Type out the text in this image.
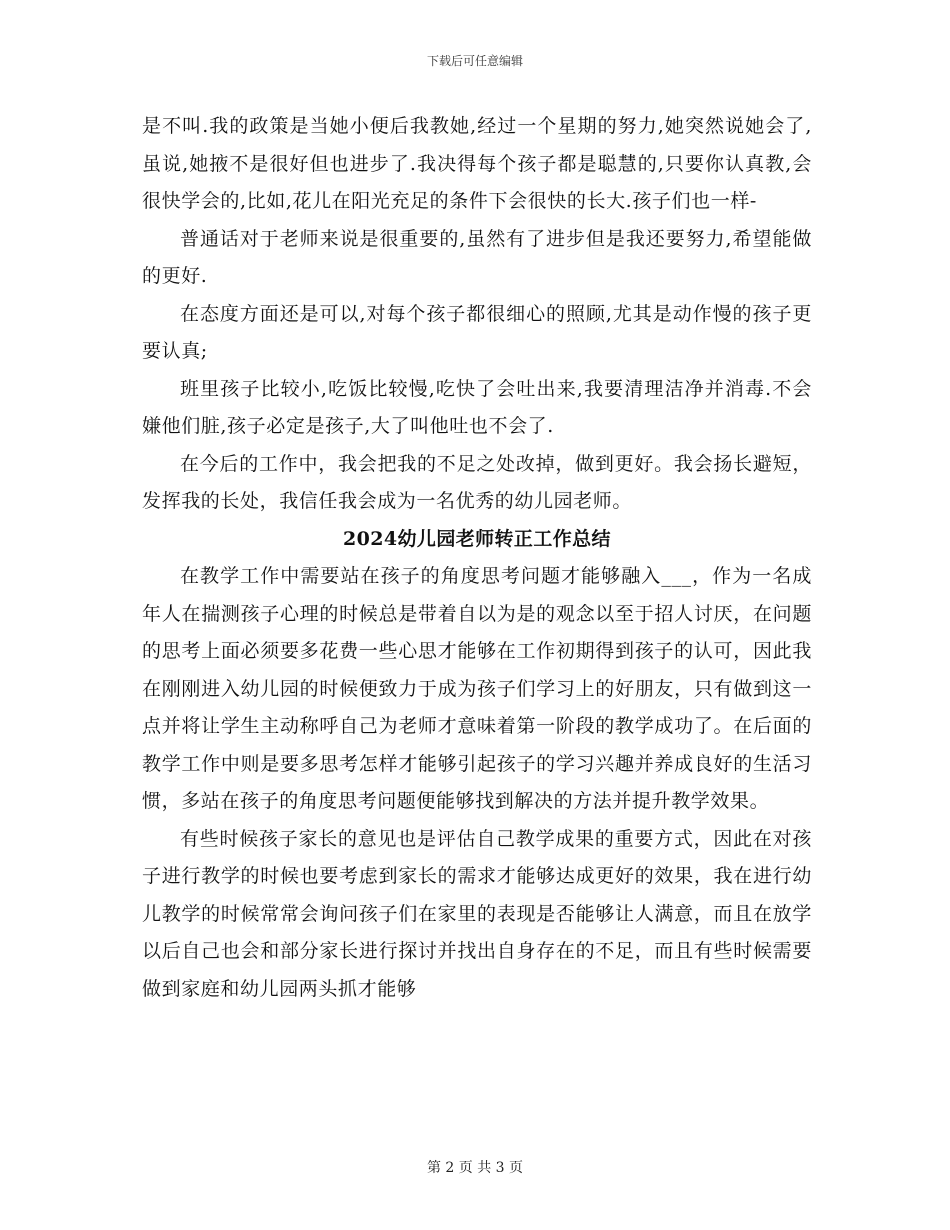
下载后可任意编辑

是不叫.我的政策是当她小便后我教她,经过一个星期的努力,她突然说她会了,虽说,她掖不是很好但也进步了.我决得每个孩子都是聪慧的,只要你认真教,会很快学会的,比如,花儿在阳光充足的条件下会很快的长大.孩子们也一样-

普通话对于老师来说是很重要的,虽然有了进步但是我还要努力,希望能做的更好.

在态度方面还是可以,对每个孩子都很细心的照顾,尤其是动作慢的孩子更要认真;

班里孩子比较小,吃饭比较慢,吃快了会吐出来,我要清理洁净并消毒.不会嫌他们脏,孩子必定是孩子,大了叫他吐也不会了.

在今后的工作中，我会把我的不足之处改掉，做到更好。我会扬长避短，发挥我的长处，我信任我会成为一名优秀的幼儿园老师。

2024幼儿园老师转正工作总结

在教学工作中需要站在孩子的角度思考问题才能够融入___，作为一名成年人在揣测孩子心理的时候总是带着自以为是的观念以至于招人讨厌，在问题的思考上面必须要多花费一些心思才能够在工作初期得到孩子的认可，因此我在刚刚进入幼儿园的时候便致力于成为孩子们学习上的好朋友，只有做到这一点并将让学生主动称呼自己为老师才意味着第一阶段的教学成功了。在后面的教学工作中则是要多思考怎样才能够引起孩子的学习兴趣并养成良好的生活习惯，多站在孩子的角度思考问题便能够找到解决的方法并提升教学效果。

有些时候孩子家长的意见也是评估自己教学成果的重要方式，因此在对孩子进行教学的时候也要考虑到家长的需求才能够达成更好的效果，我在进行幼儿教学的时候常常会询问孩子们在家里的表现是否能够让人满意，而且在放学以后自己也会和部分家长进行探讨并找出自身存在的不足，而且有些时候需要做到家庭和幼儿园两头抓才能够

第 2 页 共 3 页
